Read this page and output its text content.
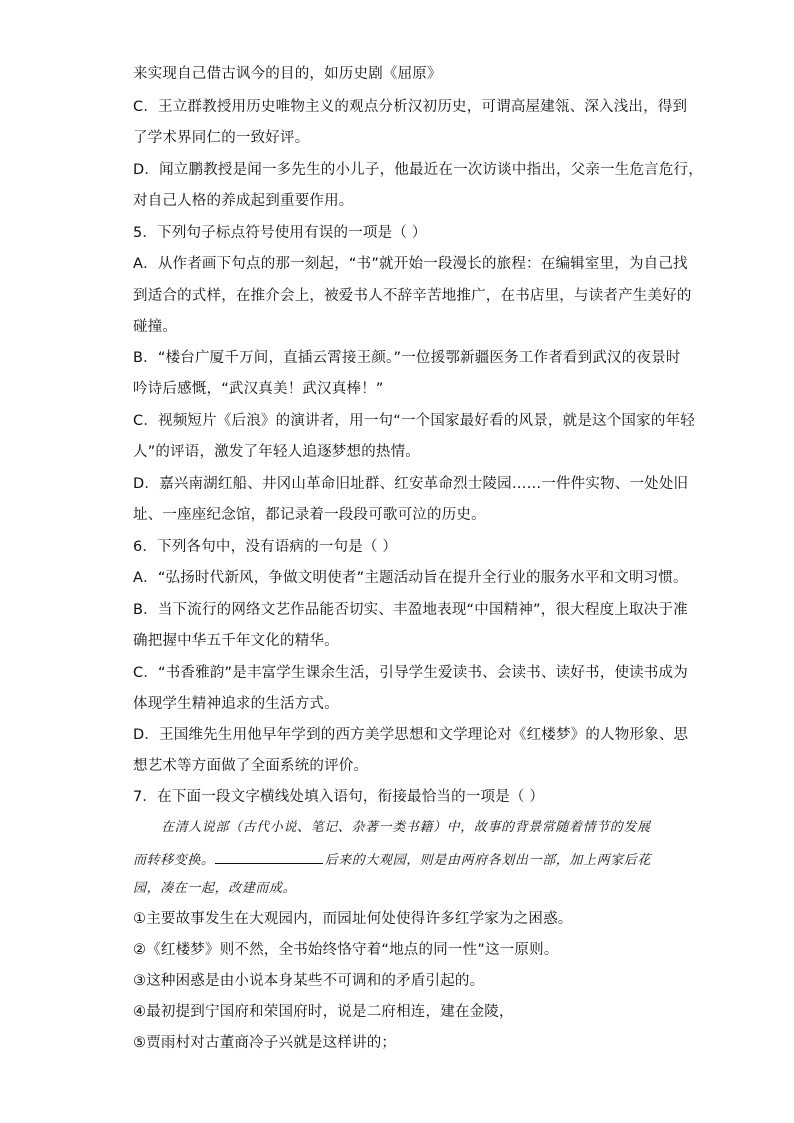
来实现自己借古讽今的目的，如历史剧《屈原》
C．王立群教授用历史唯物主义的观点分析汉初历史，可谓高屋建瓴、深入浅出，得到
了学术界同仁的一致好评。
D．闻立鹏教授是闻一多先生的小儿子，他最近在一次访谈中指出，父亲一生危言危行，
对自己人格的养成起到重要作用。
5．下列句子标点符号使用有误的一项是（ ）
A．从作者画下句点的那一刻起，“书”就开始一段漫长的旅程：在编辑室里，为自己找
到适合的式样，在推介会上，被爱书人不辞辛苦地推广，在书店里，与读者产生美好的
碰撞。
B．“楼台广厦千万间，直插云霄接王颜。”一位援鄂新疆医务工作者看到武汉的夜景时
吟诗后感慨，“武汉真美！武汉真棒！”
C．视频短片《后浪》的演讲者，用一句“一个国家最好看的风景，就是这个国家的年轻
人”的评语，激发了年轻人追逐梦想的热情。
D．嘉兴南湖红船、井冈山革命旧址群、红安革命烈士陵园……一件件实物、一处处旧
址、一座座纪念馆，都记录着一段段可歌可泣的历史。
6．下列各句中，没有语病的一句是（ ）
A．“弘扬时代新风，争做文明使者”主题活动旨在提升全行业的服务水平和文明习惯。
B．当下流行的网络文艺作品能否切实、丰盈地表现“中国精神”，很大程度上取决于准
确把握中华五千年文化的精华。
C．“书香雅韵”是丰富学生课余生活，引导学生爱读书、会读书、读好书，使读书成为
体现学生精神追求的生活方式。
D．王国维先生用他早年学到的西方美学思想和文学理论对《红楼梦》的人物形象、思
想艺术等方面做了全面系统的评价。
7．在下面一段文字横线处填入语句，衔接最恰当的一项是（ ）
在清人说部（古代小说、笔记、杂著一类书籍）中，故事的背景常随着情节的发展
而转移变换。	后来的大观园，则是由两府各划出一部，加上两家后花
园，凑在一起，改建而成。
①主要故事发生在大观园内，而园址何处使得许多红学家为之困惑。
②《红楼梦》则不然，全书始终恪守着“地点的同一性”这一原则。
③这种困惑是由小说本身某些不可调和的矛盾引起的。
④最初提到宁国府和荣国府时，说是二府相连，建在金陵，
⑤贾雨村对古董商冷子兴就是这样讲的；
